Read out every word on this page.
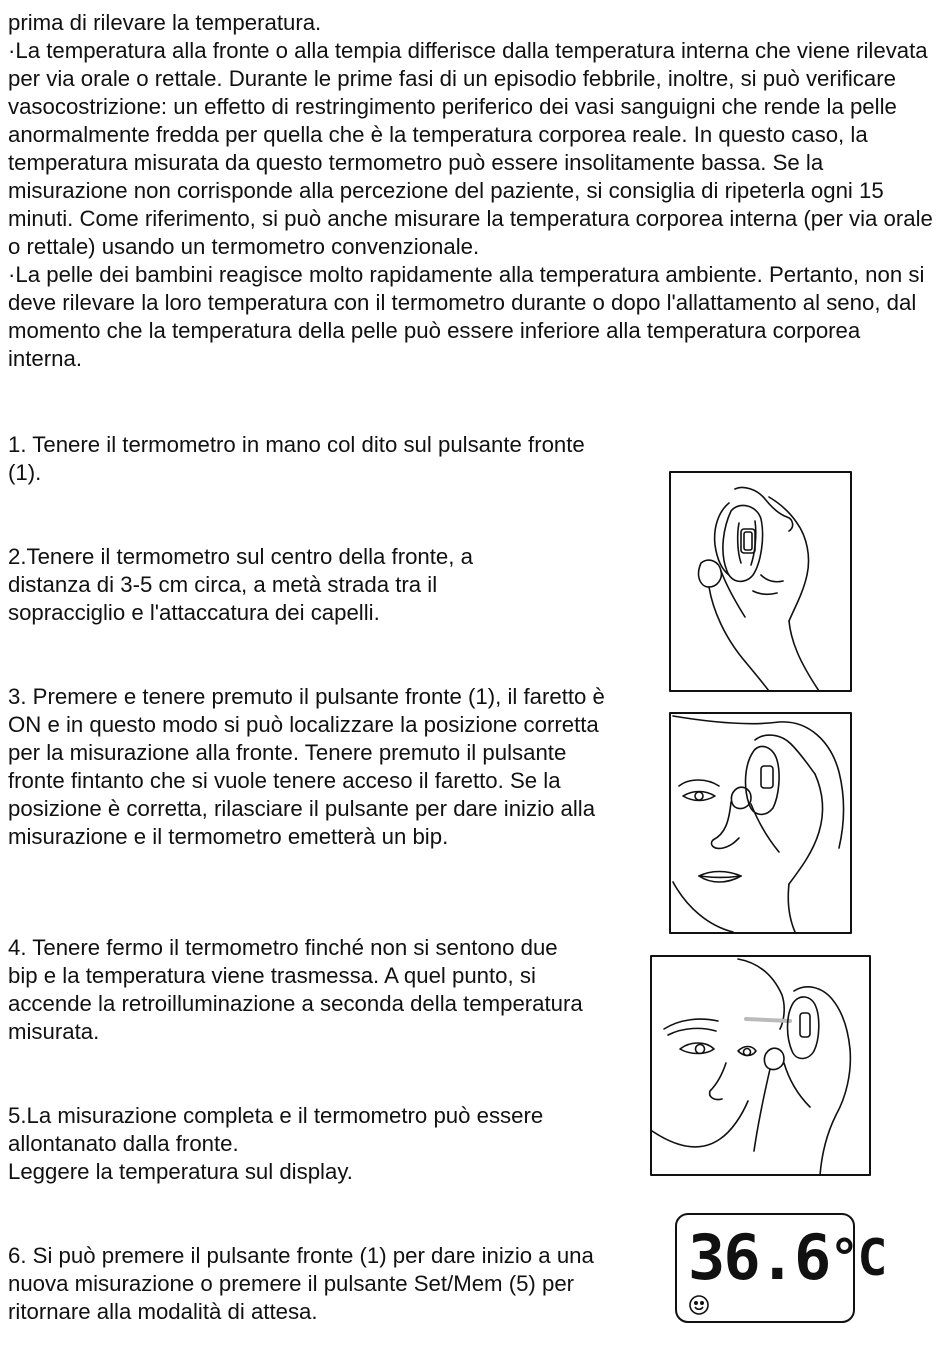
prima di rilevare la temperatura.

·La temperatura alla fronte o alla tempia differisce dalla temperatura interna che viene rilevata per via orale o rettale. Durante le prime fasi di un episodio febbrile, inoltre, si può verificare vasocostrizione: un effetto di restringimento periferico dei vasi sanguigni che rende la pelle anormalmente fredda per quella che è la temperatura corporea reale. In questo caso, la temperatura misurata da questo termometro può essere insolitamente bassa. Se la misurazione non corrisponde alla percezione del paziente, si consiglia di ripeterla ogni 15 minuti. Come riferimento, si può anche misurare la temperatura corporea interna (per via orale o rettale) usando un termometro convenzionale.

·La pelle dei bambini reagisce molto rapidamente alla temperatura ambiente. Pertanto, non si deve rilevare la loro temperatura con il termometro durante o dopo l'allattamento al seno, dal momento che la temperatura della pelle può essere inferiore alla temperatura corporea interna.

1. Tenere il termometro in mano col dito sul pulsante fronte (1).

2.Tenere il termometro sul centro della fronte, a distanza di 3-5 cm circa, a metà strada tra il sopracciglio e l'attaccatura dei capelli.

3. Premere e tenere premuto il pulsante fronte (1), il faretto è ON e in questo modo si può localizzare la posizione corretta per la misurazione alla fronte. Tenere premuto il pulsante fronte fintanto che si vuole tenere acceso il faretto. Se la posizione è corretta, rilasciare il pulsante per dare inizio alla misurazione e il termometro emetterà un bip.

4. Tenere fermo il termometro finché non si sentono due bip e la temperatura viene trasmessa. A quel punto, si accende la retroilluminazione a seconda della temperatura misurata.

5.La misurazione completa e il termometro può essere allontanato dalla fronte.
Leggere la temperatura sul display.

6. Si può premere il pulsante fronte (1) per dare inizio a una nuova misurazione o premere il pulsante Set/Mem (5) per ritornare alla modalità di attesa.

$36.6^{^\circ C}$
